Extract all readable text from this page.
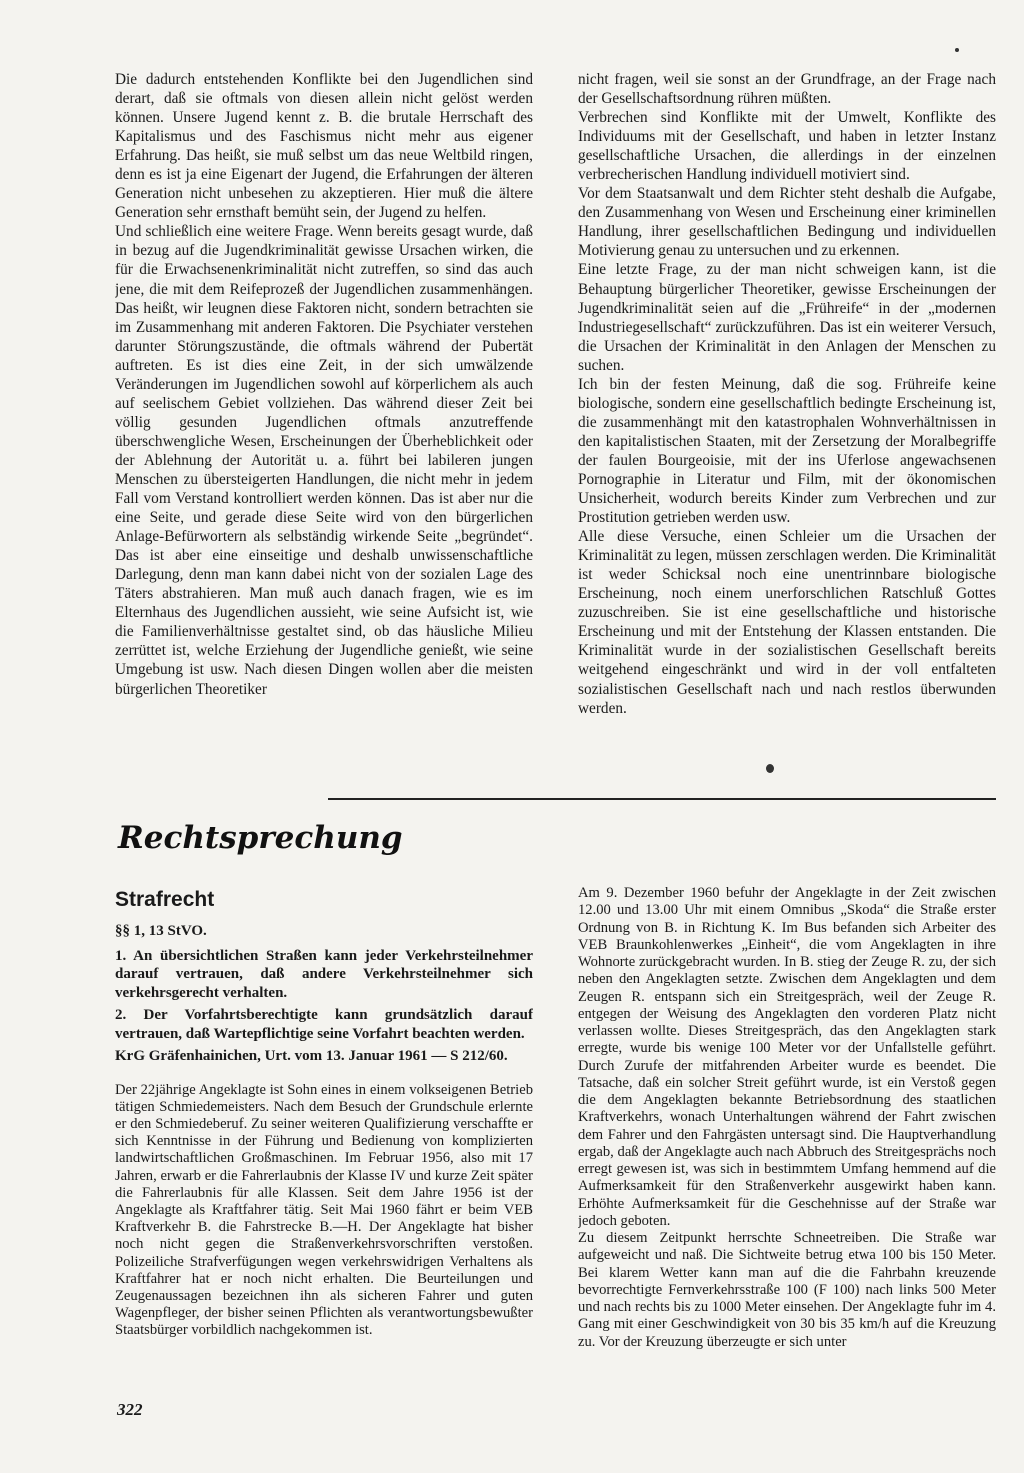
Die dadurch entstehenden Konflikte bei den Jugendlichen sind derart, daß sie oftmals von diesen allein nicht gelöst werden können. Unsere Jugend kennt z. B. die brutale Herrschaft des Kapitalismus und des Faschismus nicht mehr aus eigener Erfahrung. Das heißt, sie muß selbst um das neue Weltbild ringen, denn es ist ja eine Eigenart der Jugend, die Erfahrungen der älteren Generation nicht unbesehen zu akzeptieren. Hier muß die ältere Generation sehr ernsthaft bemüht sein, der Jugend zu helfen.

Und schließlich eine weitere Frage. Wenn bereits gesagt wurde, daß in bezug auf die Jugendkriminalität gewisse Ursachen wirken, die für die Erwachsenenkriminalität nicht zutreffen, so sind das auch jene, die mit dem Reifeprozeß der Jugendlichen zusammenhängen. Das heißt, wir leugnen diese Faktoren nicht, sondern betrachten sie im Zusammenhang mit anderen Faktoren. Die Psychiater verstehen darunter Störungszustände, die oftmals während der Pubertät auftreten. Es ist dies eine Zeit, in der sich umwälzende Veränderungen im Jugendlichen sowohl auf körperlichem als auch auf seelischem Gebiet vollziehen. Das während dieser Zeit bei völlig gesunden Jugendlichen oftmals anzutreffende überschwengliche Wesen, Erscheinungen der Überheblichkeit oder der Ablehnung der Autorität u. a. führt bei labileren jungen Menschen zu übersteigerten Handlungen, die nicht mehr in jedem Fall vom Verstand kontrolliert werden können. Das ist aber nur die eine Seite, und gerade diese Seite wird von den bürgerlichen Anlage-Befürwortern als selbständig wirkende Seite „begründet“. Das ist aber eine einseitige und deshalb unwissenschaftliche Darlegung, denn man kann dabei nicht von der sozialen Lage des Täters abstrahieren. Man muß auch danach fragen, wie es im Elternhaus des Jugendlichen aussieht, wie seine Aufsicht ist, wie die Familienverhältnisse gestaltet sind, ob das häusliche Milieu zerrüttet ist, welche Erziehung der Jugendliche genießt, wie seine Umgebung ist usw. Nach diesen Dingen wollen aber die meisten bürgerlichen Theoretiker

nicht fragen, weil sie sonst an der Grundfrage, an der Frage nach der Gesellschaftsordnung rühren müßten.

Verbrechen sind Konflikte mit der Umwelt, Konflikte des Individuums mit der Gesellschaft, und haben in letzter Instanz gesellschaftliche Ursachen, die allerdings in der einzelnen verbrecherischen Handlung individuell motiviert sind.

Vor dem Staatsanwalt und dem Richter steht deshalb die Aufgabe, den Zusammenhang von Wesen und Erscheinung einer kriminellen Handlung, ihrer gesellschaftlichen Bedingung und individuellen Motivierung genau zu untersuchen und zu erkennen.

Eine letzte Frage, zu der man nicht schweigen kann, ist die Behauptung bürgerlicher Theoretiker, gewisse Erscheinungen der Jugendkriminalität seien auf die „Frühreife“ in der „modernen Industriegesellschaft“ zurückzuführen. Das ist ein weiterer Versuch, die Ursachen der Kriminalität in den Anlagen der Menschen zu suchen.

Ich bin der festen Meinung, daß die sog. Frühreife keine biologische, sondern eine gesellschaftlich bedingte Erscheinung ist, die zusammenhängt mit den katastrophalen Wohnverhältnissen in den kapitalistischen Staaten, mit der Zersetzung der Moralbegriffe der faulen Bourgeoisie, mit der ins Uferlose angewachsenen Pornographie in Literatur und Film, mit der ökonomischen Unsicherheit, wodurch bereits Kinder zum Verbrechen und zur Prostitution getrieben werden usw.

Alle diese Versuche, einen Schleier um die Ursachen der Kriminalität zu legen, müssen zerschlagen werden. Die Kriminalität ist weder Schicksal noch eine unentrinnbare biologische Erscheinung, noch einem unerforschlichen Ratschluß Gottes zuzuschreiben. Sie ist eine gesellschaftliche und historische Erscheinung und mit der Entstehung der Klassen entstanden. Die Kriminalität wurde in der sozialistischen Gesellschaft bereits weitgehend eingeschränkt und wird in der voll entfalteten sozialistischen Gesellschaft nach und nach restlos überwunden werden.

Rechtsprechung
Strafrecht
§§ 1, 13 StVO.
1. An übersichtlichen Straßen kann jeder Verkehrsteilnehmer darauf vertrauen, daß andere Verkehrsteilnehmer sich verkehrsgerecht verhalten.
2. Der Vorfahrtsberechtigte kann grundsätzlich darauf vertrauen, daß Wartepflichtige seine Vorfahrt beachten werden.
KrG Gräfenhainichen, Urt. vom 13. Januar 1961 — S 212/60.

Der 22jährige Angeklagte ist Sohn eines in einem volkseigenen Betrieb tätigen Schmiedemeisters. Nach dem Besuch der Grundschule erlernte er den Schmiedeberuf. Zu seiner weiteren Qualifizierung verschaffte er sich Kenntnisse in der Führung und Bedienung von komplizierten landwirtschaftlichen Großmaschinen. Im Februar 1956, also mit 17 Jahren, erwarb er die Fahrerlaubnis der Klasse IV und kurze Zeit später die Fahrerlaubnis für alle Klassen. Seit dem Jahre 1956 ist der Angeklagte als Kraftfahrer tätig. Seit Mai 1960 fährt er beim VEB Kraftverkehr B. die Fahrstrecke B.—H. Der Angeklagte hat bisher noch nicht gegen die Straßenverkehrsvorschriften verstoßen. Polizeiliche Strafverfügungen wegen verkehrswidrigen Verhaltens als Kraftfahrer hat er noch nicht erhalten. Die Beurteilungen und Zeugenaussagen bezeichnen ihn als sicheren Fahrer und guten Wagenpfleger, der bisher seinen Pflichten als verantwortungsbewußter Staatsbürger vorbildlich nachgekommen ist.

Am 9. Dezember 1960 befuhr der Angeklagte in der Zeit zwischen 12.00 und 13.00 Uhr mit einem Omnibus „Skoda“ die Straße erster Ordnung von B. in Richtung K. Im Bus befanden sich Arbeiter des VEB Braunkohlenwerkes „Einheit“, die vom Angeklagten in ihre Wohnorte zurückgebracht wurden. In B. stieg der Zeuge R. zu, der sich neben den Angeklagten setzte. Zwischen dem Angeklagten und dem Zeugen R. entspann sich ein Streitgespräch, weil der Zeuge R. entgegen der Weisung des Angeklagten den vorderen Platz nicht verlassen wollte. Dieses Streitgespräch, das den Angeklagten stark erregte, wurde bis wenige 100 Meter vor der Unfallstelle geführt. Durch Zurufe der mitfahrenden Arbeiter wurde es beendet. Die Tatsache, daß ein solcher Streit geführt wurde, ist ein Verstoß gegen die dem Angeklagten bekannte Betriebsordnung des staatlichen Kraftverkehrs, wonach Unterhaltungen während der Fahrt zwischen dem Fahrer und den Fahrgästen untersagt sind. Die Hauptverhandlung ergab, daß der Angeklagte auch nach Abbruch des Streitgesprächs noch erregt gewesen ist, was sich in bestimmtem Umfang hemmend auf die Aufmerksamkeit für den Straßenverkehr ausgewirkt haben kann. Erhöhte Aufmerksamkeit für die Geschehnisse auf der Straße war jedoch geboten.

Zu diesem Zeitpunkt herrschte Schneetreiben. Die Straße war aufgeweicht und naß. Die Sichtweite betrug etwa 100 bis 150 Meter. Bei klarem Wetter kann man auf die die Fahrbahn kreuzende bevorrechtigte Fernverkehrsstraße 100 (F 100) nach links 500 Meter und nach rechts bis zu 1000 Meter einsehen. Der Angeklagte fuhr im 4. Gang mit einer Geschwindigkeit von 30 bis 35 km/h auf die Kreuzung zu. Vor der Kreuzung überzeugte er sich unter

322
